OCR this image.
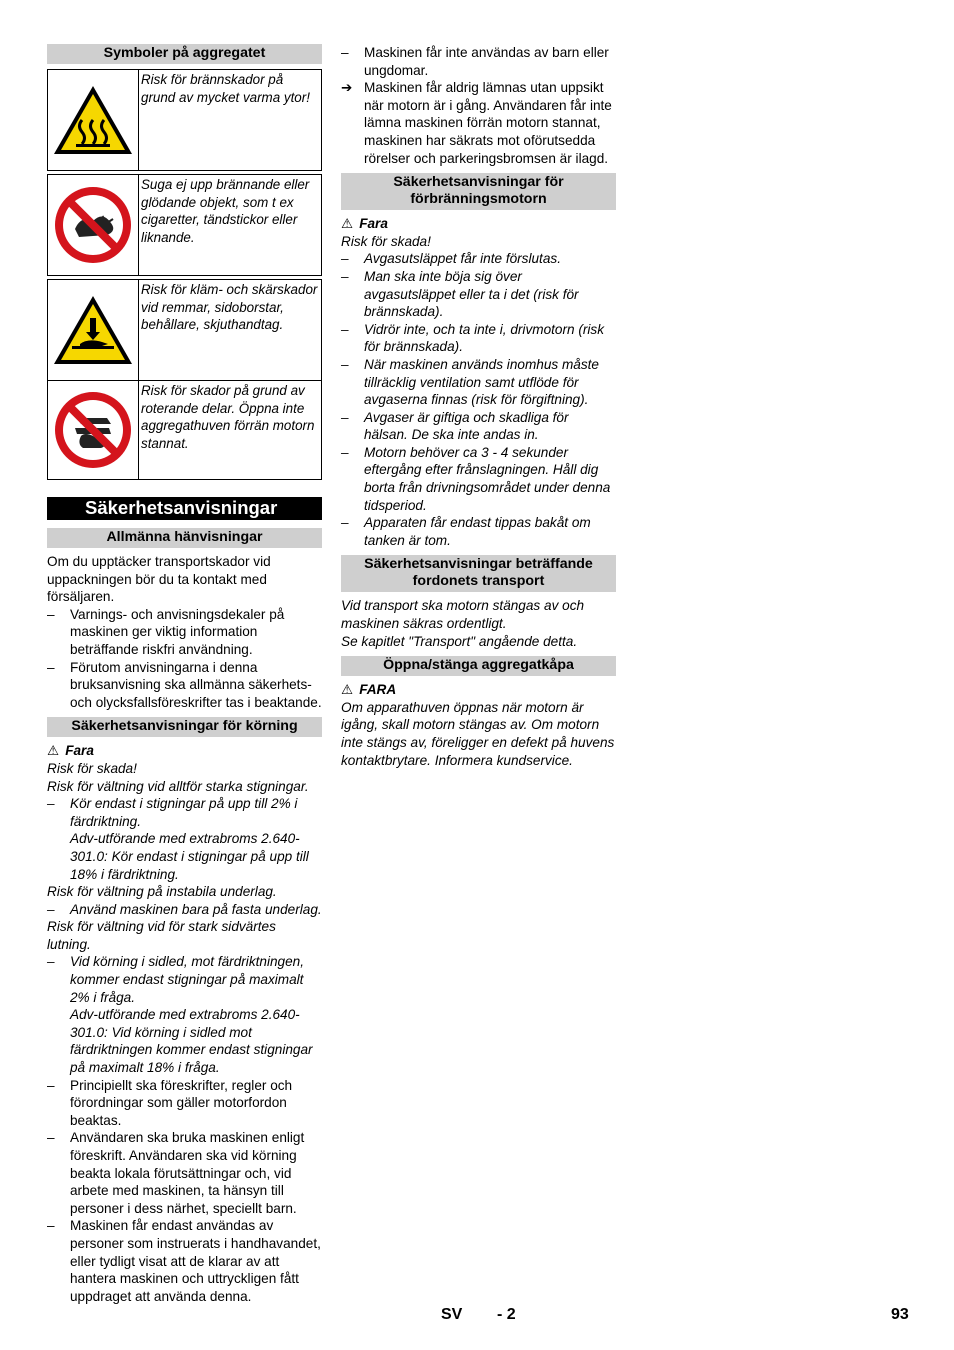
Symboler på aggregatet
Risk för brännskador på grund av mycket varma ytor!
Suga ej upp brännande eller glödande objekt, som t ex cigaretter, tändstickor eller liknande.
Risk för kläm- och skärskador vid remmar, sidoborstar, behållare, skjuthandtag.
Risk för skador på grund av roterande delar. Öppna inte aggregathuven förrän motorn stannat.
Säkerhetsanvisningar
Allmänna hänvisningar

Om du upptäcker transportskador vid uppackningen bör du ta kontakt med försäljaren.

– Varnings- och anvisningsdekaler på maskinen ger viktig information beträffande riskfri användning.

– Förutom anvisningarna i denna bruksanvisning ska allmänna säkerhets- och olycksfallsföreskrifter tas i beaktande.

Säkerhetsanvisningar för körning

⚠ Fara

Risk för skada!

Risk för vältning vid alltför starka stigningar.

– Kör endast i stigningar på upp till 2% i färdriktning.

Adv-utförande med extrabroms 2.640-301.0: Kör endast i stigningar på upp till 18% i färdriktning.

Risk för vältning på instabila underlag.

– Använd maskinen bara på fasta underlag.

Risk för vältning vid för stark sidvärtes lutning.

– Vid körning i sidled, mot färdriktningen, kommer endast stigningar på maximalt 2% i fråga.

Adv-utförande med extrabroms 2.640-301.0: Vid körning i sidled mot färdriktningen kommer endast stigningar på maximalt 18% i fråga.

– Principiellt ska föreskrifter, regler och förordningar som gäller motorfordon beaktas.

– Användaren ska bruka maskinen enligt föreskrift. Användaren ska vid körning beakta lokala förutsättningar och, vid arbete med maskinen, ta hänsyn till personer i dess närhet, speciellt barn.

– Maskinen får endast användas av personer som instruerats i handhavandet, eller tydligt visat att de klarar av att hantera maskinen och uttryckligen fått uppdraget att använda denna.

– Maskinen får inte användas av barn eller ungdomar.

➔ Maskinen får aldrig lämnas utan uppsikt när motorn är i gång. Användaren får inte lämna maskinen förrän motorn stannat, maskinen har säkrats mot oförutsedda rörelser och parkeringsbromsen är ilagd.

Säkerhetsanvisningar för förbränningsmotorn

⚠ Fara

Risk för skada!

– Avgasutsläppet får inte förslutas.

– Man ska inte böja sig över avgasutsläppet eller ta i det (risk för brännskada).

– Vidrör inte, och ta inte i, drivmotorn (risk för brännskada).

– När maskinen används inomhus måste tillräcklig ventilation samt utflöde för avgaserna finnas (risk för förgiftning).

– Avgaser är giftiga och skadliga för hälsan. De ska inte andas in.

– Motorn behöver ca 3 - 4 sekunder eftergång efter frånslagningen. Håll dig borta från drivningsområdet under denna tidsperiod.

– Apparaten får endast tippas bakåt om tanken är tom.

Säkerhetsanvisningar beträffande fordonets transport

Vid transport ska motorn stängas av och maskinen säkras ordentligt.

Se kapitlet "Transport" angående detta.

Öppna/stänga aggregatkåpa

⚠ FARA

Om apparathuven öppnas när motorn är igång, skall motorn stängas av. Om motorn inte stängs av, föreligger en defekt på huvens kontaktbrytare. Informera kundservice.

SV - 2	93
